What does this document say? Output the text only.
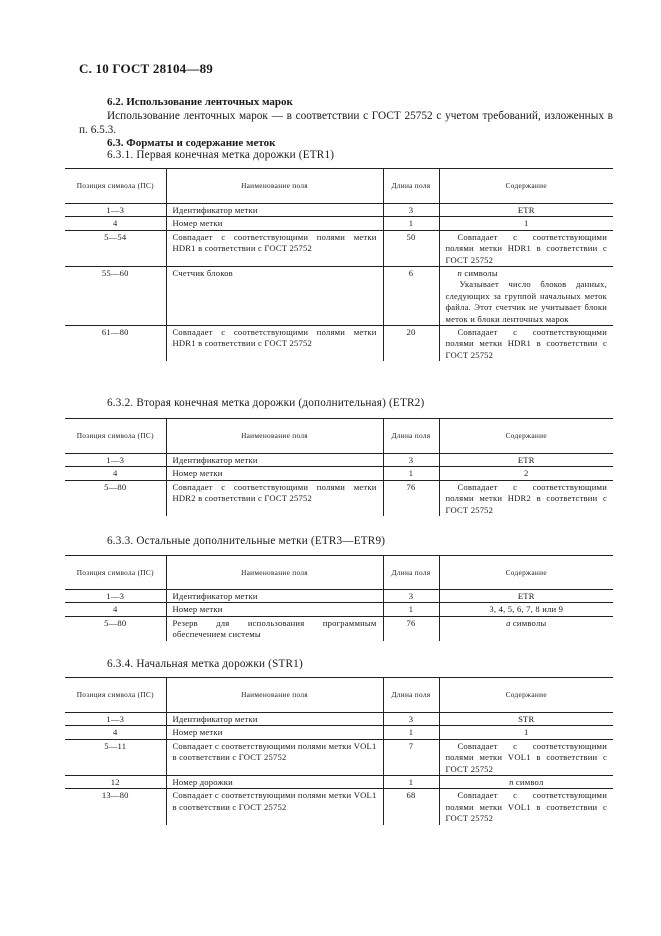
С. 10 ГОСТ 28104—89
6.2. Использование ленточных марок
Использование ленточных марок — в соответствии с ГОСТ 25752 с учетом требований, изложенных в п. 6.5.3.
6.3. Форматы и содержание меток
6.3.1. Первая конечная метка дорожки (ETR1)
Позиция символа (ПС)	Наименование поля	Длина поля	Содержание
1—3	Идентификатор метки	3	ETR
4	Номер метки	1	1
5—54	Совпадает с соответствующими полями метки HDR1 в соответствии с ГОСТ 25752	50	Совпадает с соответствующими полями метки HDR1 в соответствии с ГОСТ 25752
55—60	Счетчик блоков	6	n символы
Указывает число блоков данных, следующих за группой начальных меток файла. Этот счетчик не учитывает блоки меток и блоки ленточных марок

61—80	Совпадает с соответствующими полями метки HDR1 в соответствии с ГОСТ 25752	20	Совпадает с соответствующими полями метки HDR1 в соответствии с ГОСТ 25752
6.3.2. Вторая конечная метка дорожки (дополнительная) (ETR2)
Позиция символа (ПС)	Наименование поля	Длина поля	Содержание
1—3	Идентификатор метки	3	ETR
4	Номер метки	1	2
5—80	Совпадает с соответствующими полями метки HDR2 в соответствии с ГОСТ 25752	76	Совпадает с соответствующими полями метки HDR2 в соответствии с ГОСТ 25752
6.3.3. Остальные дополнительные метки (ETR3—ETR9)
Позиция символа (ПС)	Наименование поля	Длина поля	Содержание
1—3	Идентификатор метки	3	ETR
4	Номер метки	1	3, 4, 5, 6, 7, 8 или 9
5—80	Резерв для использования программным обеспечением системы	76	a символы
6.3.4. Начальная метка дорожки (STR1)
Позиция символа (ПС)	Наименование поля	Длина поля	Содержание
1—3	Идентификатор метки	3	STR
4	Номер метки	1	1
5—11	Совпадает с соответствующими полями метки VOL1 в соответствии с ГОСТ 25752	7	Совпадает с соответствующими полями метки VOL1 в соответствии с ГОСТ 25752
12	Номер дорожки	1	n символ
13—80	Совпадает с соответствующими полями метки VOL1 в соответствии с ГОСТ 25752	68	Совпадает с соответствующими полями метки VOL1 в соответствии с ГОСТ 25752
